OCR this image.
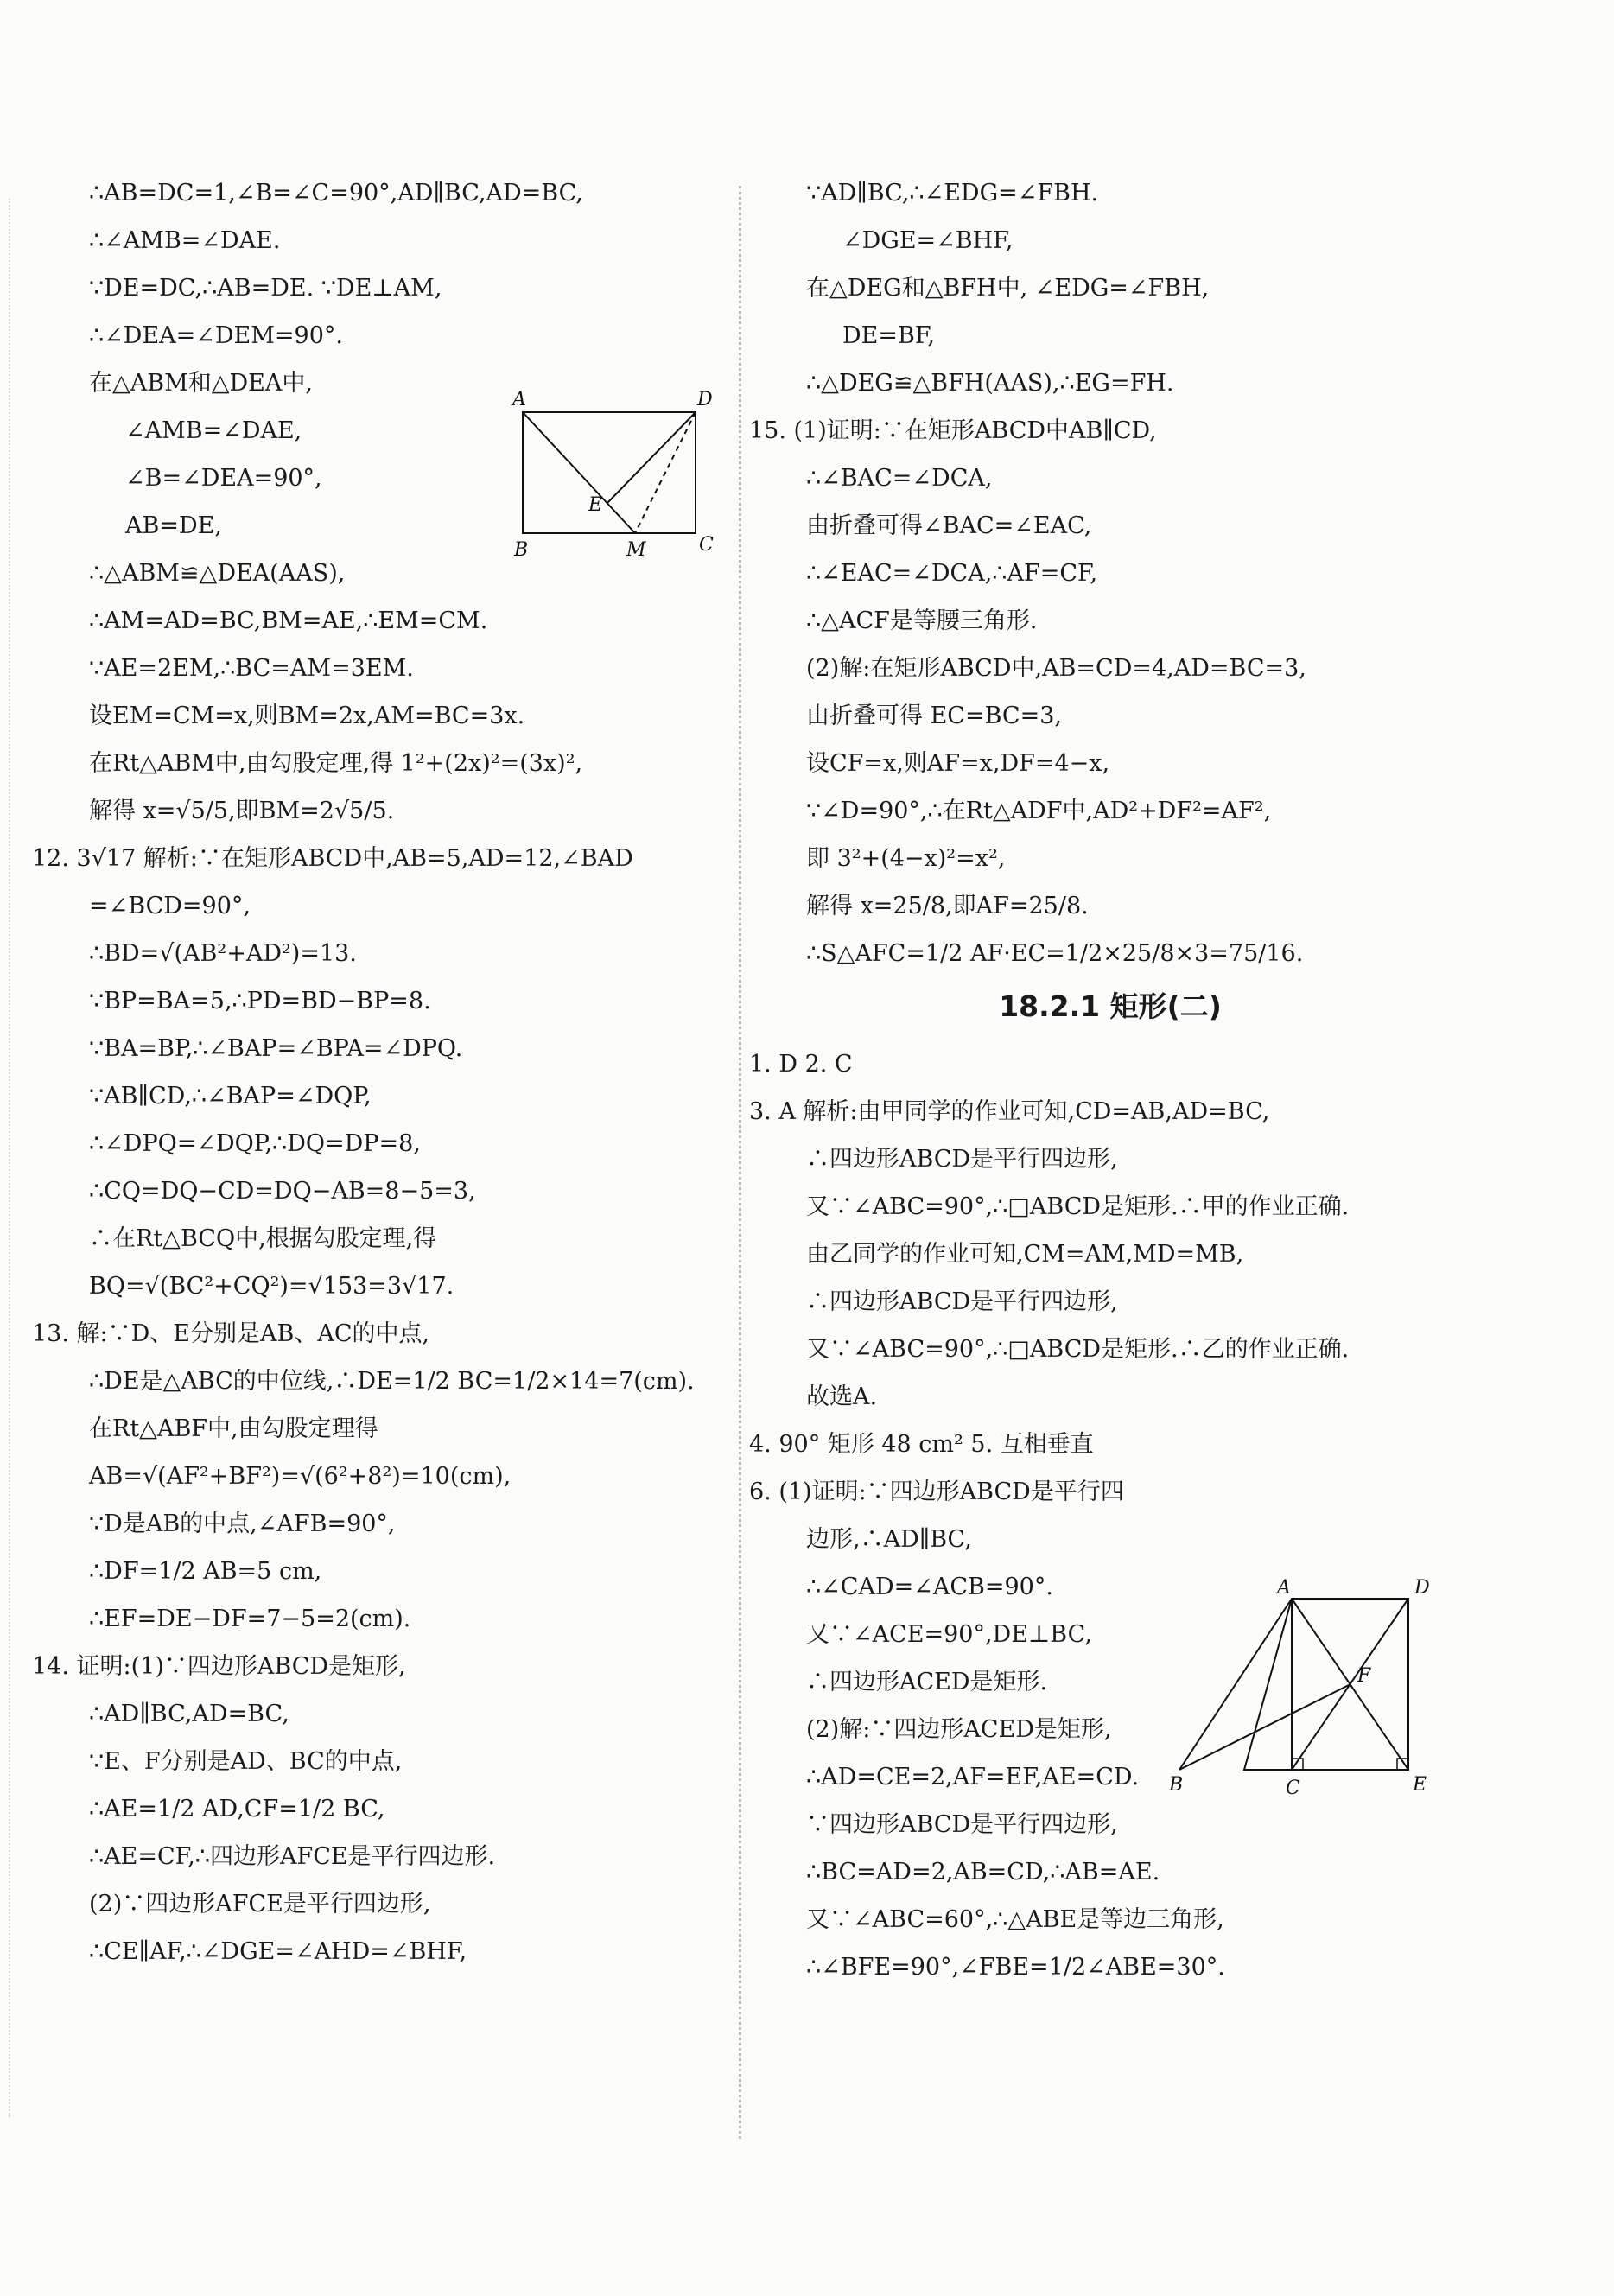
∴AB=DC=1,∠B=∠C=90°,AD∥BC,AD=BC,
∴∠AMB=∠DAE.
∵DE=DC,∴AB=DE. ∵DE⊥AM,
∴∠DEA=∠DEM=90°.
在△ABM和△DEA中,
∠AMB=∠DAE,
∠B=∠DEA=90°,
AB=DE,
∴△ABM≌△DEA(AAS),
∴AM=AD=BC,BM=AE,∴EM=CM.
∵AE=2EM,∴BC=AM=3EM.
设EM=CM=x,则BM=2x,AM=BC=3x.
在Rt△ABM中,由勾股定理,得 1²+(2x)²=(3x)²,
解得 x=√5/5,即BM=2√5/5.
12. 3√17 解析:∵在矩形ABCD中,AB=5,AD=12,∠BAD
=∠BCD=90°,
∴BD=√(AB²+AD²)=13.
∵BP=BA=5,∴PD=BD−BP=8.
∵BA=BP,∴∠BAP=∠BPA=∠DPQ.
∵AB∥CD,∴∠BAP=∠DQP,
∴∠DPQ=∠DQP,∴DQ=DP=8,
∴CQ=DQ−CD=DQ−AB=8−5=3,
∴在Rt△BCQ中,根据勾股定理,得
BQ=√(BC²+CQ²)=√153=3√17.
13. 解:∵D、E分别是AB、AC的中点,
∴DE是△ABC的中位线,∴DE=1/2 BC=1/2×14=7(cm).
在Rt△ABF中,由勾股定理得
AB=√(AF²+BF²)=√(6²+8²)=10(cm),
∵D是AB的中点,∠AFB=90°,
∴DF=1/2 AB=5 cm,
∴EF=DE−DF=7−5=2(cm).
14. 证明:(1)∵四边形ABCD是矩形,
∴AD∥BC,AD=BC,
∵E、F分别是AD、BC的中点,
∴AE=1/2 AD,CF=1/2 BC,
∴AE=CF,∴四边形AFCE是平行四边形.
(2)∵四边形AFCE是平行四边形,
∴CE∥AF,∴∠DGE=∠AHD=∠BHF,
∵AD∥BC,∴∠EDG=∠FBH.
∠DGE=∠BHF,
在△DEG和△BFH中, ∠EDG=∠FBH,
DE=BF,
∴△DEG≌△BFH(AAS),∴EG=FH.
15. (1)证明:∵在矩形ABCD中AB∥CD,
∴∠BAC=∠DCA,
由折叠可得∠BAC=∠EAC,
∴∠EAC=∠DCA,∴AF=CF,
∴△ACF是等腰三角形.
(2)解:在矩形ABCD中,AB=CD=4,AD=BC=3,
由折叠可得 EC=BC=3,
设CF=x,则AF=x,DF=4−x,
∵∠D=90°,∴在Rt△ADF中,AD²+DF²=AF²,
即 3²+(4−x)²=x²,
解得 x=25/8,即AF=25/8.
∴S△AFC=1/2 AF·EC=1/2×25/8×3=75/16.
18.2.1 矩形(二)
1. D 2. C
3. A 解析:由甲同学的作业可知,CD=AB,AD=BC,
∴四边形ABCD是平行四边形,
又∵∠ABC=90°,∴□ABCD是矩形.∴甲的作业正确.
由乙同学的作业可知,CM=AM,MD=MB,
∴四边形ABCD是平行四边形,
又∵∠ABC=90°,∴□ABCD是矩形.∴乙的作业正确.
故选A.
4. 90° 矩形 48 cm² 5. 互相垂直
6. (1)证明:∵四边形ABCD是平行四
边形,∴AD∥BC,
∴∠CAD=∠ACB=90°.
又∵∠ACE=90°,DE⊥BC,
∴四边形ACED是矩形.
(2)解:∵四边形ACED是矩形,
∴AD=CE=2,AF=EF,AE=CD.
∵四边形ABCD是平行四边形,
∴BC=AD=2,AB=CD,∴AB=AE.
又∵∠ABC=60°,∴△ABE是等边三角形,
∴∠BFE=90°,∠FBE=1/2∠ABE=30°.
A	D
E
B	M	C
A	D
F
B	C	E
